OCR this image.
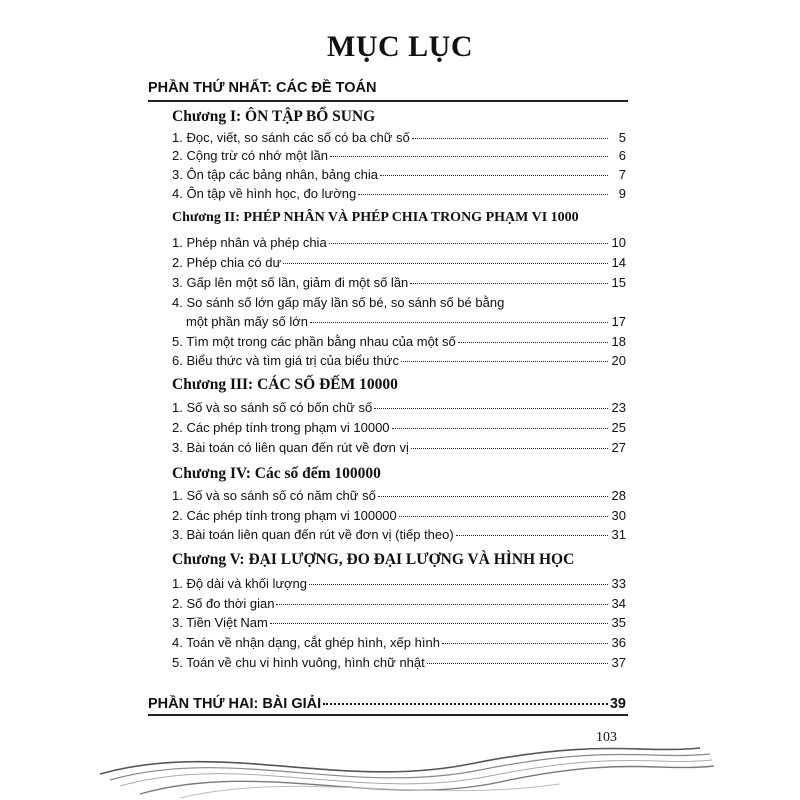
MỤC LỤC
PHẦN THỨ NHẤT: CÁC ĐỀ TOÁN
Chương I: ÔN TẬP BỔ SUNG
1. Đọc, viết, so sánh các số có ba chữ số	5
2. Cộng trừ có nhớ một lần	6
3. Ôn tập các bảng nhân, bảng chia	7
4. Ôn tập về hình học, đo lường	9
Chương II: PHÉP NHÂN VÀ PHÉP CHIA TRONG PHẠM VI 1000
1. Phép nhân và phép chia	10
2. Phép chia có dư	14
3. Gấp lên một số lần, giảm đi một số lần	15
4. So sánh số lớn gấp mấy lần số bé, so sánh số bé bằng
một phần mấy số lớn	17
5. Tìm một trong các phần bằng nhau của một số	18
6. Biểu thức và tìm giá trị của biểu thức	20
Chương III: CÁC SỐ ĐẾM 10000
1. Số và so sánh số có bốn chữ số	23
2. Các phép tính trong phạm vi 10000	25
3. Bài toán có liên quan đến rút về đơn vị	27
Chương IV: Các số đếm 100000
1. Số và so sánh số có năm chữ số	28
2. Các phép tính trong phạm vi 100000	30
3. Bài toán liên quan đến rút về đơn vị (tiếp theo)	31
Chương V: ĐẠI LƯỢNG, ĐO ĐẠI LƯỢNG VÀ HÌNH HỌC
1. Độ dài và khối lượng	33
2. Số đo thời gian	34
3. Tiền Việt Nam	35
4. Toán về nhận dạng, cắt ghép hình, xếp hình	36
5. Toán về chu vi hình vuông, hình chữ nhật	37
PHẦN THỨ HAI: BÀI GIẢI	39
103
